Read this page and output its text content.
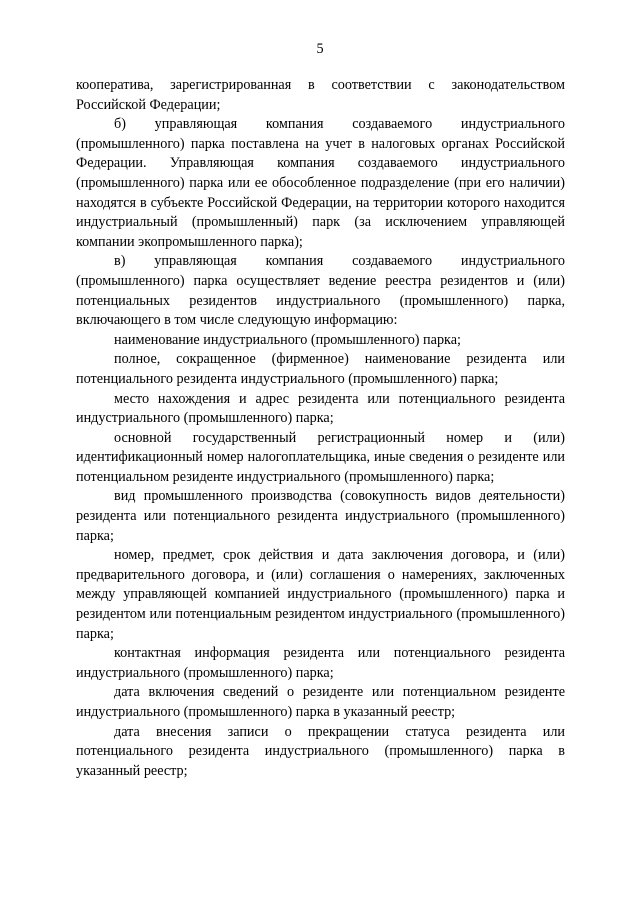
5

кооператива, зарегистрированная в соответствии с законодательством Российской Федерации;

б) управляющая компания создаваемого индустриального (промышленного) парка поставлена на учет в налоговых органах Российской Федерации. Управляющая компания создаваемого индустриального (промышленного) парка или ее обособленное подразделение (при его наличии) находятся в субъекте Российской Федерации, на территории которого находится индустриальный (промышленный) парк (за исключением управляющей компании экопромышленного парка);

в) управляющая компания создаваемого индустриального (промышленного) парка осуществляет ведение реестра резидентов и (или) потенциальных резидентов индустриального (промышленного) парка, включающего в том числе следующую информацию:

наименование индустриального (промышленного) парка;

полное, сокращенное (фирменное) наименование резидента или потенциального резидента индустриального (промышленного) парка;

место нахождения и адрес резидента или потенциального резидента индустриального (промышленного) парка;

основной государственный регистрационный номер и (или) идентификационный номер налогоплательщика, иные сведения о резиденте или потенциальном резиденте индустриального (промышленного) парка;

вид промышленного производства (совокупность видов деятельности) резидента или потенциального резидента индустриального (промышленного) парка;

номер, предмет, срок действия и дата заключения договора, и (или) предварительного договора, и (или) соглашения о намерениях, заключенных между управляющей компанией индустриального (промышленного) парка и резидентом или потенциальным резидентом индустриального (промышленного) парка;

контактная информация резидента или потенциального резидента индустриального (промышленного) парка;

дата включения сведений о резиденте или потенциальном резиденте индустриального (промышленного) парка в указанный реестр;

дата внесения записи о прекращении статуса резидента или потенциального резидента индустриального (промышленного) парка в указанный реестр;
